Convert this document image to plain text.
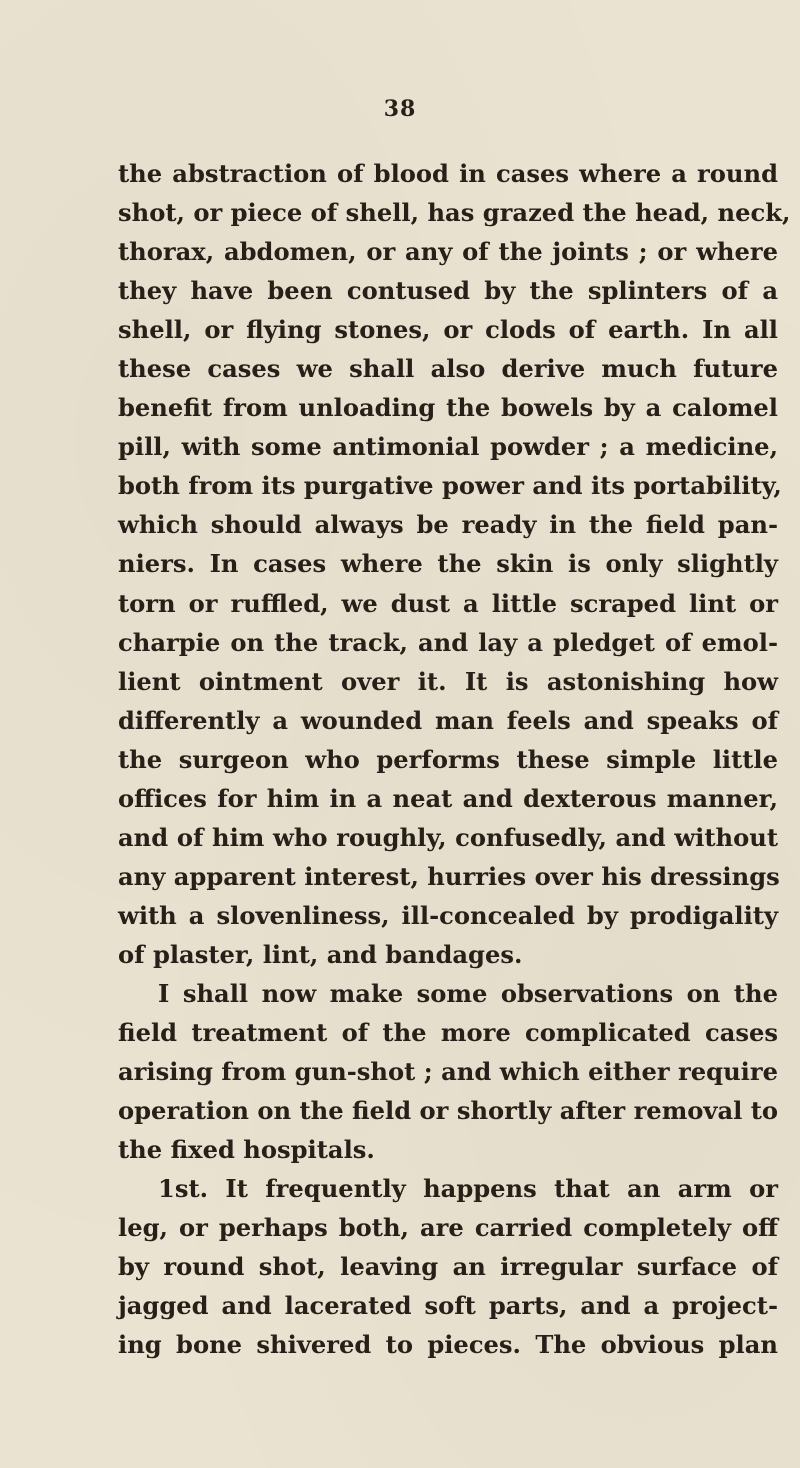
38
the abstraction of blood in cases where a round
shot, or piece of shell, has grazed the head, neck,
thorax, abdomen, or any of the joints ; or where
they have been contused by the splinters of a
shell, or flying stones, or clods of earth. In all
these cases we shall also derive much future
benefit from unloading the bowels by a calomel
pill, with some antimonial powder ; a medicine,
both from its purgative power and its portability,
which should always be ready in the field pan-
niers. In cases where the skin is only slightly
torn or ruffled, we dust a little scraped lint or
charpie on the track, and lay a pledget of emol-
lient ointment over it. It is astonishing how
differently a wounded man feels and speaks of
the surgeon who performs these simple little
offices for him in a neat and dexterous manner,
and of him who roughly, confusedly, and without
any apparent interest, hurries over his dressings
with a slovenliness, ill-concealed by prodigality
of plaster, lint, and bandages.
I shall now make some observations on the
field treatment of the more complicated cases
arising from gun-shot ; and which either require
operation on the field or shortly after removal to
the fixed hospitals.
1st. It frequently happens that an arm or
leg, or perhaps both, are carried completely off
by round shot, leaving an irregular surface of
jagged and lacerated soft parts, and a project-
ing bone shivered to pieces. The obvious plan
